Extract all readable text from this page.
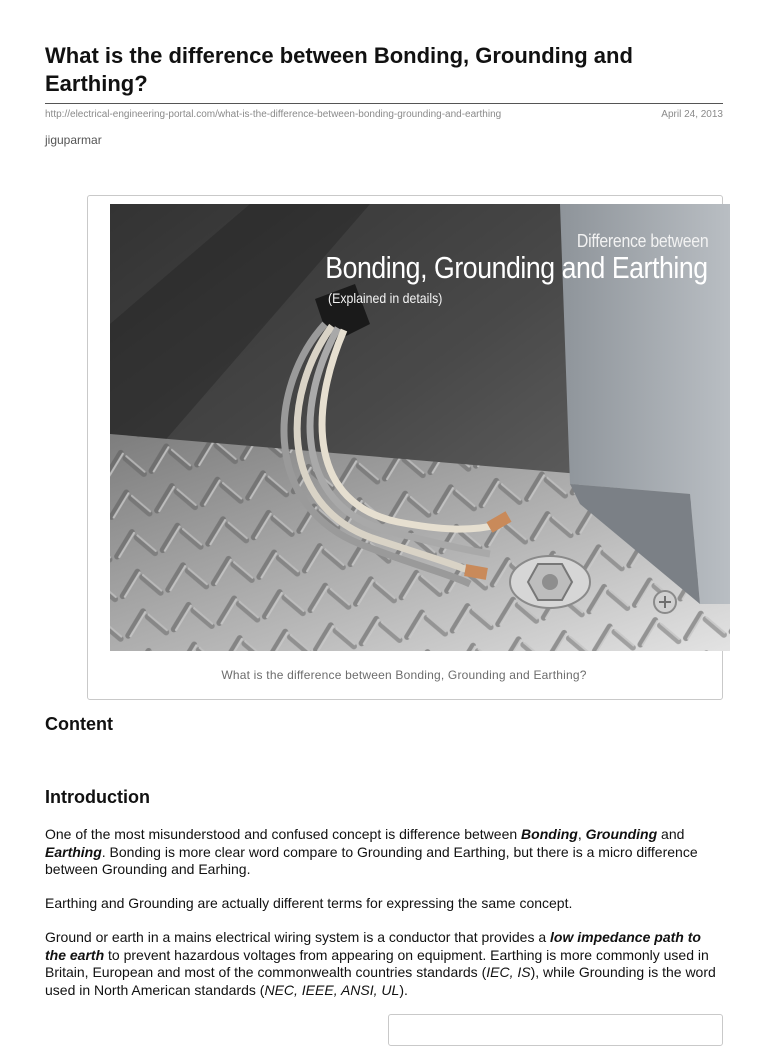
What is the difference between Bonding, Grounding and Earthing?
http://electrical-engineering-portal.com/what-is-the-difference-between-bonding-grounding-and-earthing	April 24, 2013
jiguparmar
Difference between
Bonding, Grounding and Earthing
(Explained in details)
What is the difference between Bonding, Grounding and Earthing?
Content
Introduction

One of the most misunderstood and confused concept is difference between Bonding, Grounding and Earthing. Bonding is more clear word compare to Grounding and Earthing, but there is a micro difference between Grounding and Earhing.

Earthing and Grounding are actually different terms for expressing the same concept.

Ground or earth in a mains electrical wiring system is a conductor that provides a low impedance path to the earth to prevent hazardous voltages from appearing on equipment. Earthing is more commonly used in Britain, European and most of the commonwealth countries standards (IEC, IS), while Grounding is the word used in North American standards (NEC, IEEE, ANSI, UL).
